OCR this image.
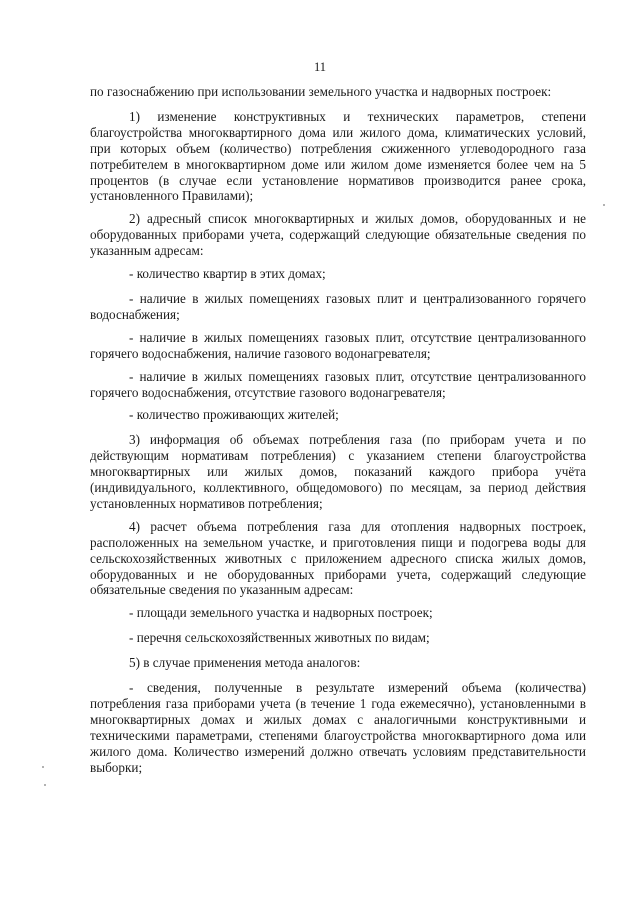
11

по газоснабжению при использовании земельного участка и надворных построек:

1) изменение конструктивных и технических параметров, степени благоустройства многоквартирного дома или жилого дома, климатических условий, при которых объем (количество) потребления сжиженного углеводородного газа потребителем в многоквартирном доме или жилом доме изменяется более чем на 5 процентов (в случае если установление нормативов производится ранее срока, установленного Правилами);

2) адресный список многоквартирных и жилых домов, оборудованных и не оборудованных приборами учета, содержащий следующие обязательные сведения по указанным адресам:

- количество квартир в этих домах;

- наличие в жилых помещениях газовых плит и централизованного горячего водоснабжения;

- наличие в жилых помещениях газовых плит, отсутствие централизованного горячего водоснабжения, наличие газового водонагревателя;

- наличие в жилых помещениях газовых плит, отсутствие централизованного горячего водоснабжения, отсутствие газового водонагревателя;

- количество проживающих жителей;

3) информация об объемах потребления газа (по приборам учета и по действующим нормативам потребления) с указанием степени благоустройства многоквартирных или жилых домов, показаний каждого прибора учёта (индивидуального, коллективного, общедомового) по месяцам, за период действия установленных нормативов потребления;

4) расчет объема потребления газа для отопления надворных построек, расположенных на земельном участке, и приготовления пищи и подогрева воды для сельскохозяйственных животных с приложением адресного списка жилых домов, оборудованных и не оборудованных приборами учета, содержащий следующие обязательные сведения по указанным адресам:

- площади земельного участка и надворных построек;

- перечня сельскохозяйственных животных по видам;

5) в случае применения метода аналогов:

- сведения, полученные в результате измерений объема (количества) потребления газа приборами учета (в течение 1 года ежемесячно), установленными в многоквартирных домах и жилых домах с аналогичными конструктивными и техническими параметрами, степенями благоустройства многоквартирного дома или жилого дома. Количество измерений должно отвечать условиям представительности выборки;
